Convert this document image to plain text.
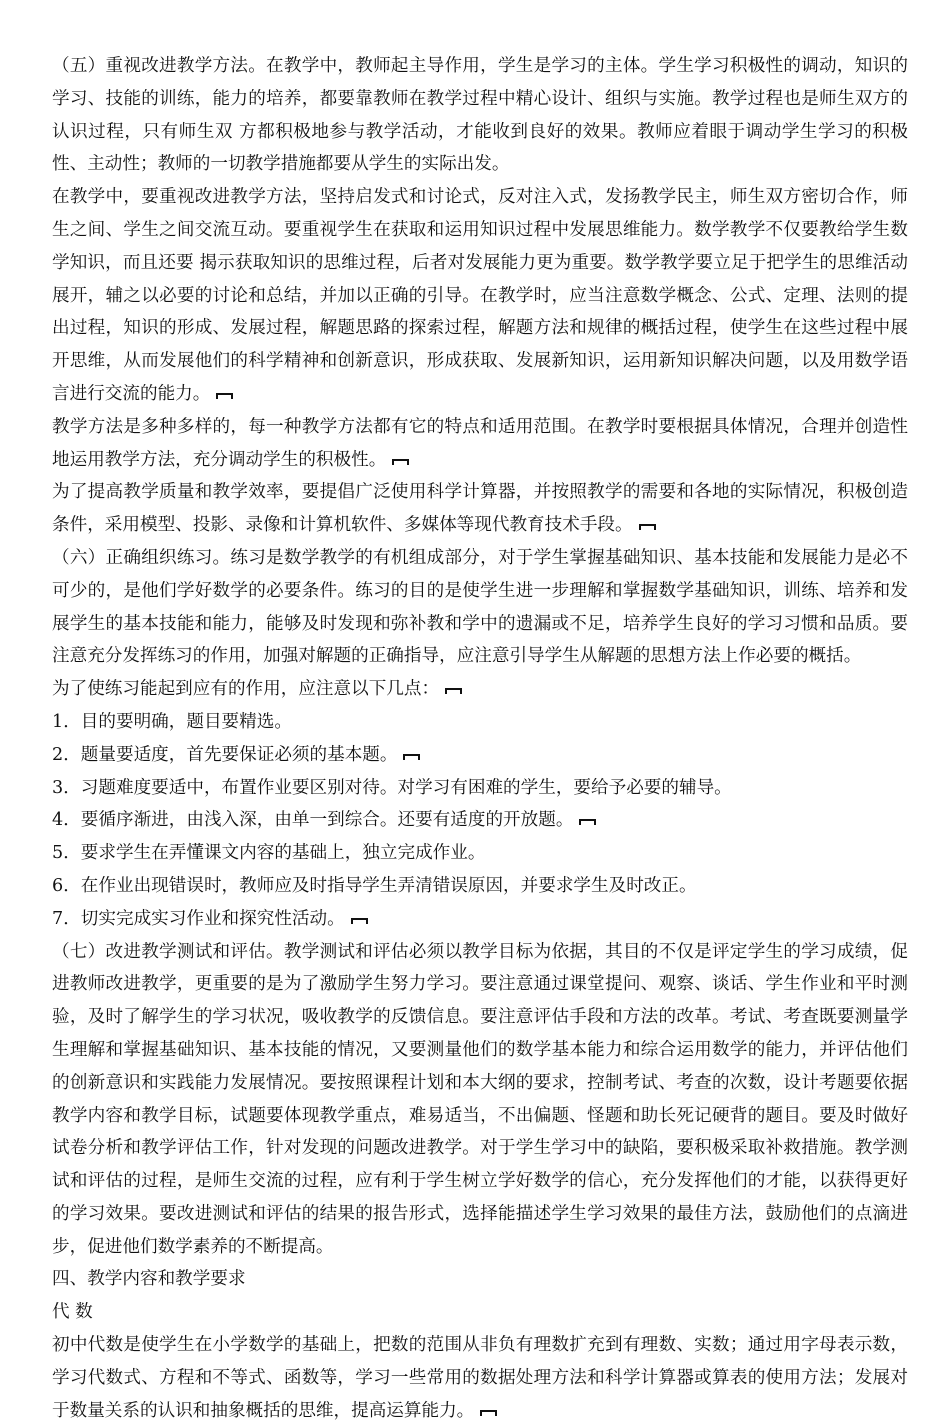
（五）重视改进教学方法。在教学中，教师起主导作用，学生是学习的主体。学生学习积极性的调动，知识的学习、技能的训练，能力的培养，都要靠教师在教学过程中精心设计、组织与实施。教学过程也是师生双方的认识过程，只有师生双 方都积极地参与教学活动，才能收到良好的效果。教师应着眼于调动学生学习的积极性、主动性；教师的一切教学措施都要从学生的实际出发。

在教学中，要重视改进教学方法，坚持启发式和讨论式，反对注入式，发扬教学民主，师生双方密切合作，师生之间、学生之间交流互动。要重视学生在获取和运用知识过程中发展思维能力。数学教学不仅要教给学生数学知识，而且还要 揭示获取知识的思维过程，后者对发展能力更为重要。数学教学要立足于把学生的思维活动展开，辅之以必要的讨论和总结，并加以正确的引导。在教学时，应当注意数学概念、公式、定理、法则的提出过程，知识的形成、发展过程，解题思路的探索过程，解题方法和规律的概括过程，使学生在这些过程中展开思维，从而发展他们的科学精神和创新意识，形成获取、发展新知识，运用新知识解决问题，以及用数学语言进行交流的能力。

教学方法是多种多样的，每一种教学方法都有它的特点和适用范围。在教学时要根据具体情况，合理并创造性地运用教学方法，充分调动学生的积极性。

为了提高教学质量和教学效率，要提倡广泛使用科学计算器，并按照教学的需要和各地的实际情况，积极创造条件，采用模型、投影、录像和计算机软件、多媒体等现代教育技术手段。

（六）正确组织练习。练习是数学教学的有机组成部分，对于学生掌握基础知识、基本技能和发展能力是必不可少的，是他们学好数学的必要条件。练习的目的是使学生进一步理解和掌握数学基础知识，训练、培养和发展学生的基本技能和能力，能够及时发现和弥补教和学中的遗漏或不足，培养学生良好的学习习惯和品质。要注意充分发挥练习的作用，加强对解题的正确指导，应注意引导学生从解题的思想方法上作必要的概括。

为了使练习能起到应有的作用，应注意以下几点：

1．目的要明确，题目要精选。

2．题量要适度，首先要保证必须的基本题。

3．习题难度要适中，布置作业要区别对待。对学习有困难的学生，要给予必要的辅导。

4．要循序渐进，由浅入深，由单一到综合。还要有适度的开放题。

5．要求学生在弄懂课文内容的基础上，独立完成作业。

6．在作业出现错误时，教师应及时指导学生弄清错误原因，并要求学生及时改正。

7．切实完成实习作业和探究性活动。

（七）改进教学测试和评估。教学测试和评估必须以教学目标为依据，其目的不仅是评定学生的学习成绩，促进教师改进教学，更重要的是为了激励学生努力学习。要注意通过课堂提问、观察、谈话、学生作业和平时测验，及时了解学生的学习状况，吸收教学的反馈信息。要注意评估手段和方法的改革。考试、考查既要测量学生理解和掌握基础知识、基本技能的情况，又要测量他们的数学基本能力和综合运用数学的能力，并评估他们的创新意识和实践能力发展情况。要按照课程计划和本大纲的要求，控制考试、考查的次数，设计考题要依据教学内容和教学目标，试题要体现教学重点，难易适当，不出偏题、怪题和助长死记硬背的题目。要及时做好试卷分析和教学评估工作，针对发现的问题改进教学。对于学生学习中的缺陷，要积极采取补救措施。教学测试和评估的过程，是师生交流的过程，应有利于学生树立学好数学的信心，充分发挥他们的才能，以获得更好的学习效果。要改进测试和评估的结果的报告形式，选择能描述学生学习效果的最佳方法，鼓励他们的点滴进步，促进他们数学素养的不断提高。

四、教学内容和教学要求

代 数

初中代数是使学生在小学数学的基础上，把数的范围从非负有理数扩充到有理数、实数；通过用字母表示数，学习代数式、方程和不等式、函数等，学习一些常用的数据处理方法和科学计算器或算表的使用方法；发展对于数量关系的认识和抽象概括的思维，提高运算能力。
